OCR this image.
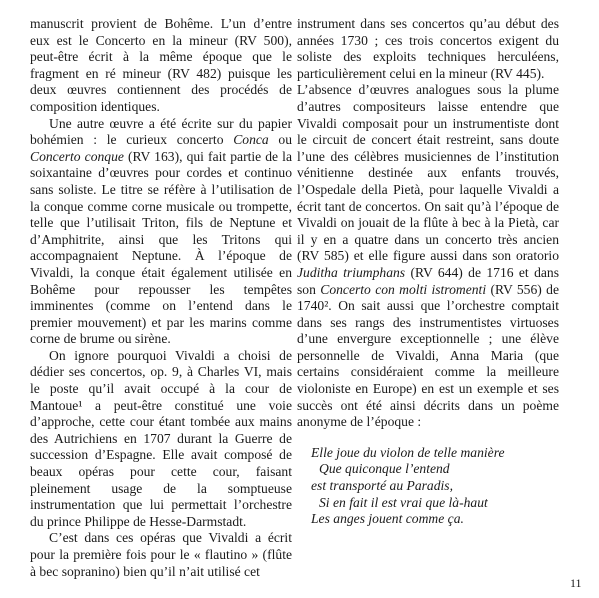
manuscrit provient de Bohême. L’un d’entre eux est le Concerto en la mineur (RV 500), peut-être écrit à la même époque que le fragment en ré mineur (RV 482) puisque les deux œuvres contiennent des procédés de composition identiques.

Une autre œuvre a été écrite sur du papier bohémien : le curieux concerto Conca ou Concerto conque (RV 163), qui fait partie de la soixantaine d’œuvres pour cordes et continuo sans soliste. Le titre se réfère à l’utilisation de la conque comme corne musicale ou trompette, telle que l’utilisait Triton, fils de Neptune et d’Amphitrite, ainsi que les Tritons qui accompagnaient Neptune. À l’époque de Vivaldi, la conque était également utilisée en Bohême pour repousser les tempêtes imminentes (comme on l’entend dans le premier mouvement) et par les marins comme corne de brume ou sirène.

On ignore pourquoi Vivaldi a choisi de dédier ses concertos, op. 9, à Charles VI, mais le poste qu’il avait occupé à la cour de Mantoue¹ a peut-être constitué une voie d’approche, cette cour étant tombée aux mains des Autrichiens en 1707 durant la Guerre de succession d’Espagne. Elle avait composé de beaux opéras pour cette cour, faisant pleinement usage de la somptueuse instrumentation que lui permettait l’orchestre du prince Philippe de Hesse-Darmstadt.

C’est dans ces opéras que Vivaldi a écrit pour la première fois pour le « flautino » (flûte à bec sopranino) bien qu’il n’ait utilisé cet

instrument dans ses concertos qu’au début des années 1730 ; ces trois concertos exigent du soliste des exploits techniques herculéens, particulièrement celui en la mineur (RV 445).

L’absence d’œuvres analogues sous la plume d’autres compositeurs laisse entendre que Vivaldi composait pour un instrumentiste dont le circuit de concert était restreint, sans doute l’une des célèbres musiciennes de l’institution vénitienne destinée aux enfants trouvés, l’Ospedale della Pietà, pour laquelle Vivaldi a écrit tant de concertos. On sait qu’à l’époque de Vivaldi on jouait de la flûte à bec à la Pietà, car il y en a quatre dans un concerto très ancien (RV 585) et elle figure aussi dans son oratorio Juditha triumphans (RV 644) de 1716 et dans son Concerto con molti istromenti (RV 556) de 1740². On sait aussi que l’orchestre comptait dans ses rangs des instrumentistes virtuoses d’une envergure exceptionnelle ; une élève personnelle de Vivaldi, Anna Maria (que certains considéraient comme la meilleure violoniste en Europe) en est un exemple et ses succès ont été ainsi décrits dans un poème anonyme de l’époque :

Elle joue du violon de telle manière
Que quiconque l’entend
est transporté au Paradis,
Si en fait il est vrai que là-haut
Les anges jouent comme ça.
11
